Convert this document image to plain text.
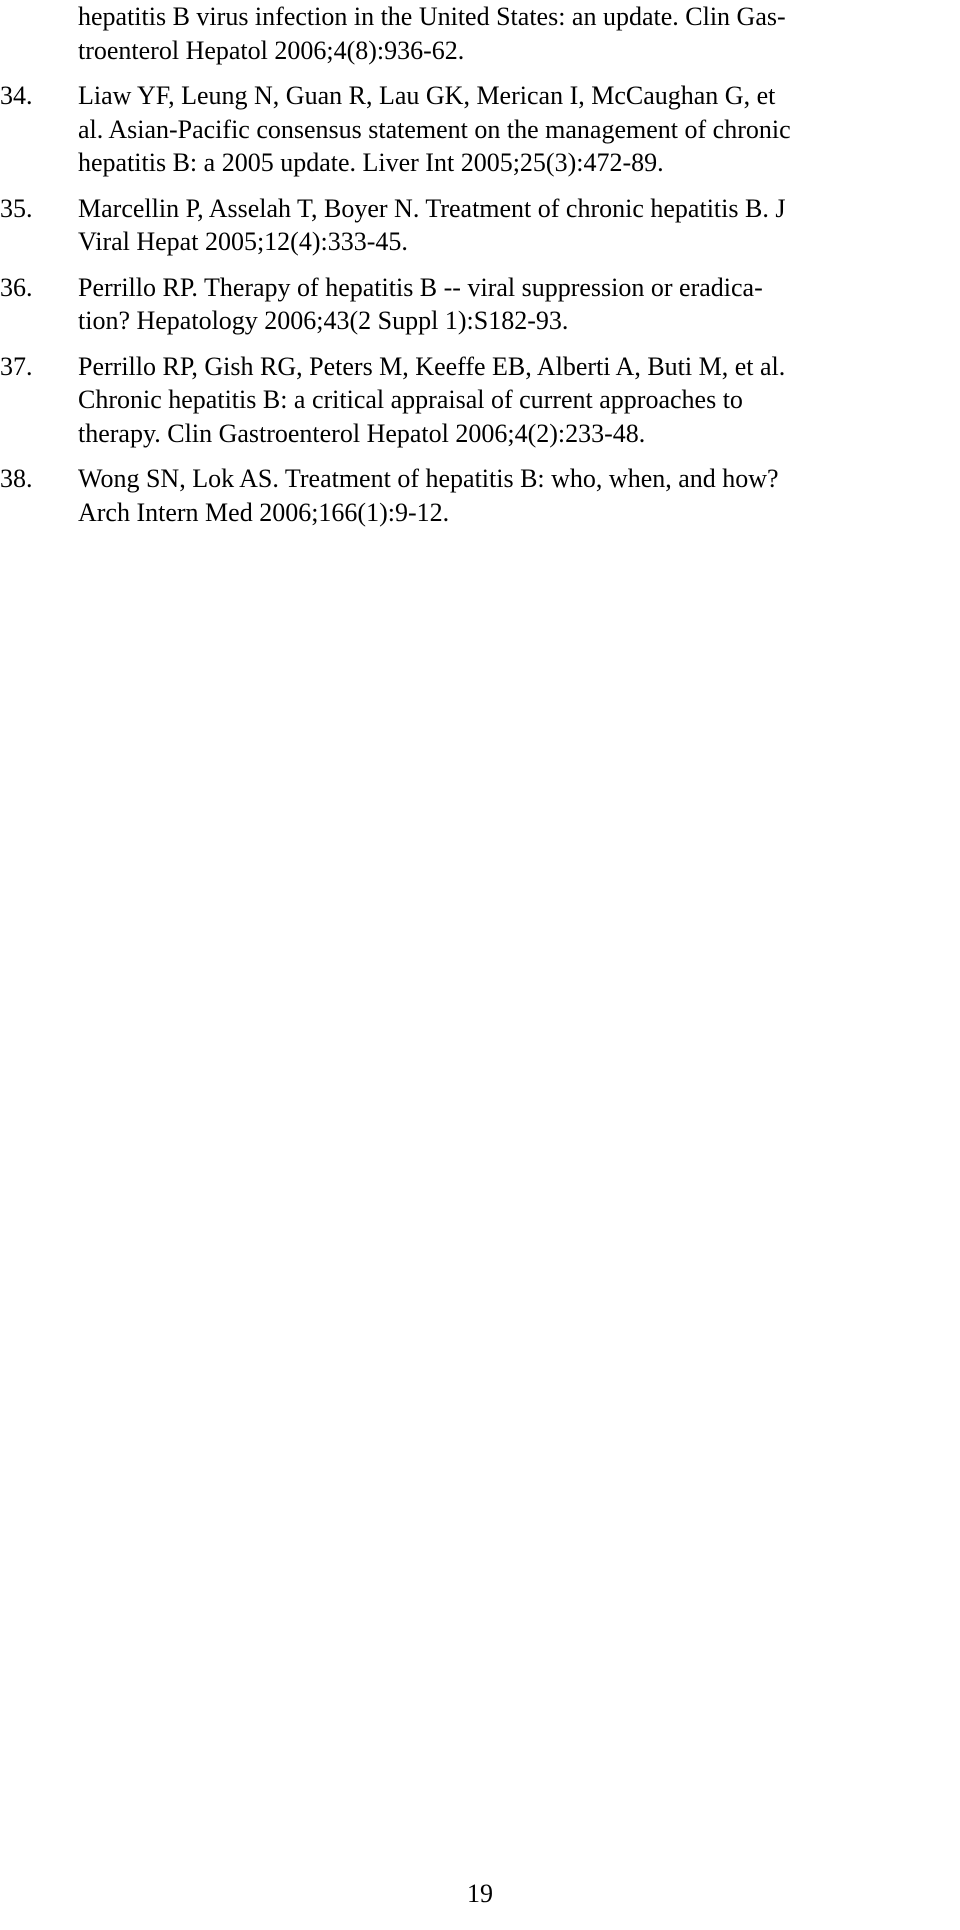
hepatitis B virus infection in the United States: an update. Clin Gas-
troenterol Hepatol 2006;4(8):936-62.
34.	Liaw YF, Leung N, Guan R, Lau GK, Merican I, McCaughan G, et
al. Asian-Pacific consensus statement on the management of chronic
hepatitis B: a 2005 update. Liver Int 2005;25(3):472-89.
35.	Marcellin P, Asselah T, Boyer N. Treatment of chronic hepatitis B. J
Viral Hepat 2005;12(4):333-45.
36.	Perrillo RP. Therapy of hepatitis B -- viral suppression or eradica-
tion? Hepatology 2006;43(2 Suppl 1):S182-93.
37.	Perrillo RP, Gish RG, Peters M, Keeffe EB, Alberti A, Buti M, et al.
Chronic hepatitis B: a critical appraisal of current approaches to
therapy. Clin Gastroenterol Hepatol 2006;4(2):233-48.
38.	Wong SN, Lok AS. Treatment of hepatitis B: who, when, and how?
Arch Intern Med 2006;166(1):9-12.
19
